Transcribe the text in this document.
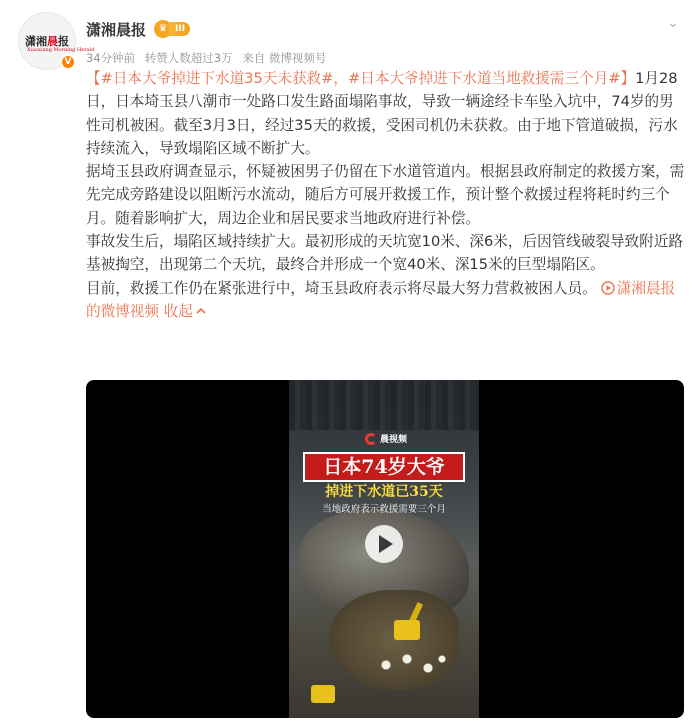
潇湘晨报
Xiaoxiang Morning Herald
V
潇湘晨报	♛ III
34分钟前 转赞人数超过3万 来自 微博视频号
⌄

【#日本大爷掉进下水道35天未获救#，#日本大爷掉进下水道当地救援需三个月#】1月28日，日本埼玉县八潮市一处路口发生路面塌陷事故，导致一辆途经卡车坠入坑中，74岁的男性司机被困。截至3月3日，经过35天的救援，受困司机仍未获救。由于地下管道破损，污水持续流入，导致塌陷区域不断扩大。

据埼玉县政府调查显示，怀疑被困男子仍留在下水道管道内。根据县政府制定的救援方案，需先完成旁路建设以阻断污水流动，随后方可展开救援工作，预计整个救援过程将耗时约三个月。随着影响扩大，周边企业和居民要求当地政府进行补偿。

事故发生后，塌陷区域持续扩大。最初形成的天坑宽10米、深6米，后因管线破裂导致附近路基被掏空，出现第二个天坑，最终合并形成一个宽40米、深15米的巨型塌陷区。

目前，救援工作仍在紧张进行中，埼玉县政府表示将尽最大努力营救被困人员。 潇湘晨报的微博视频 收起

晨视频
日本74岁大爷
掉进下水道已35天
当地政府表示救援需要三个月
